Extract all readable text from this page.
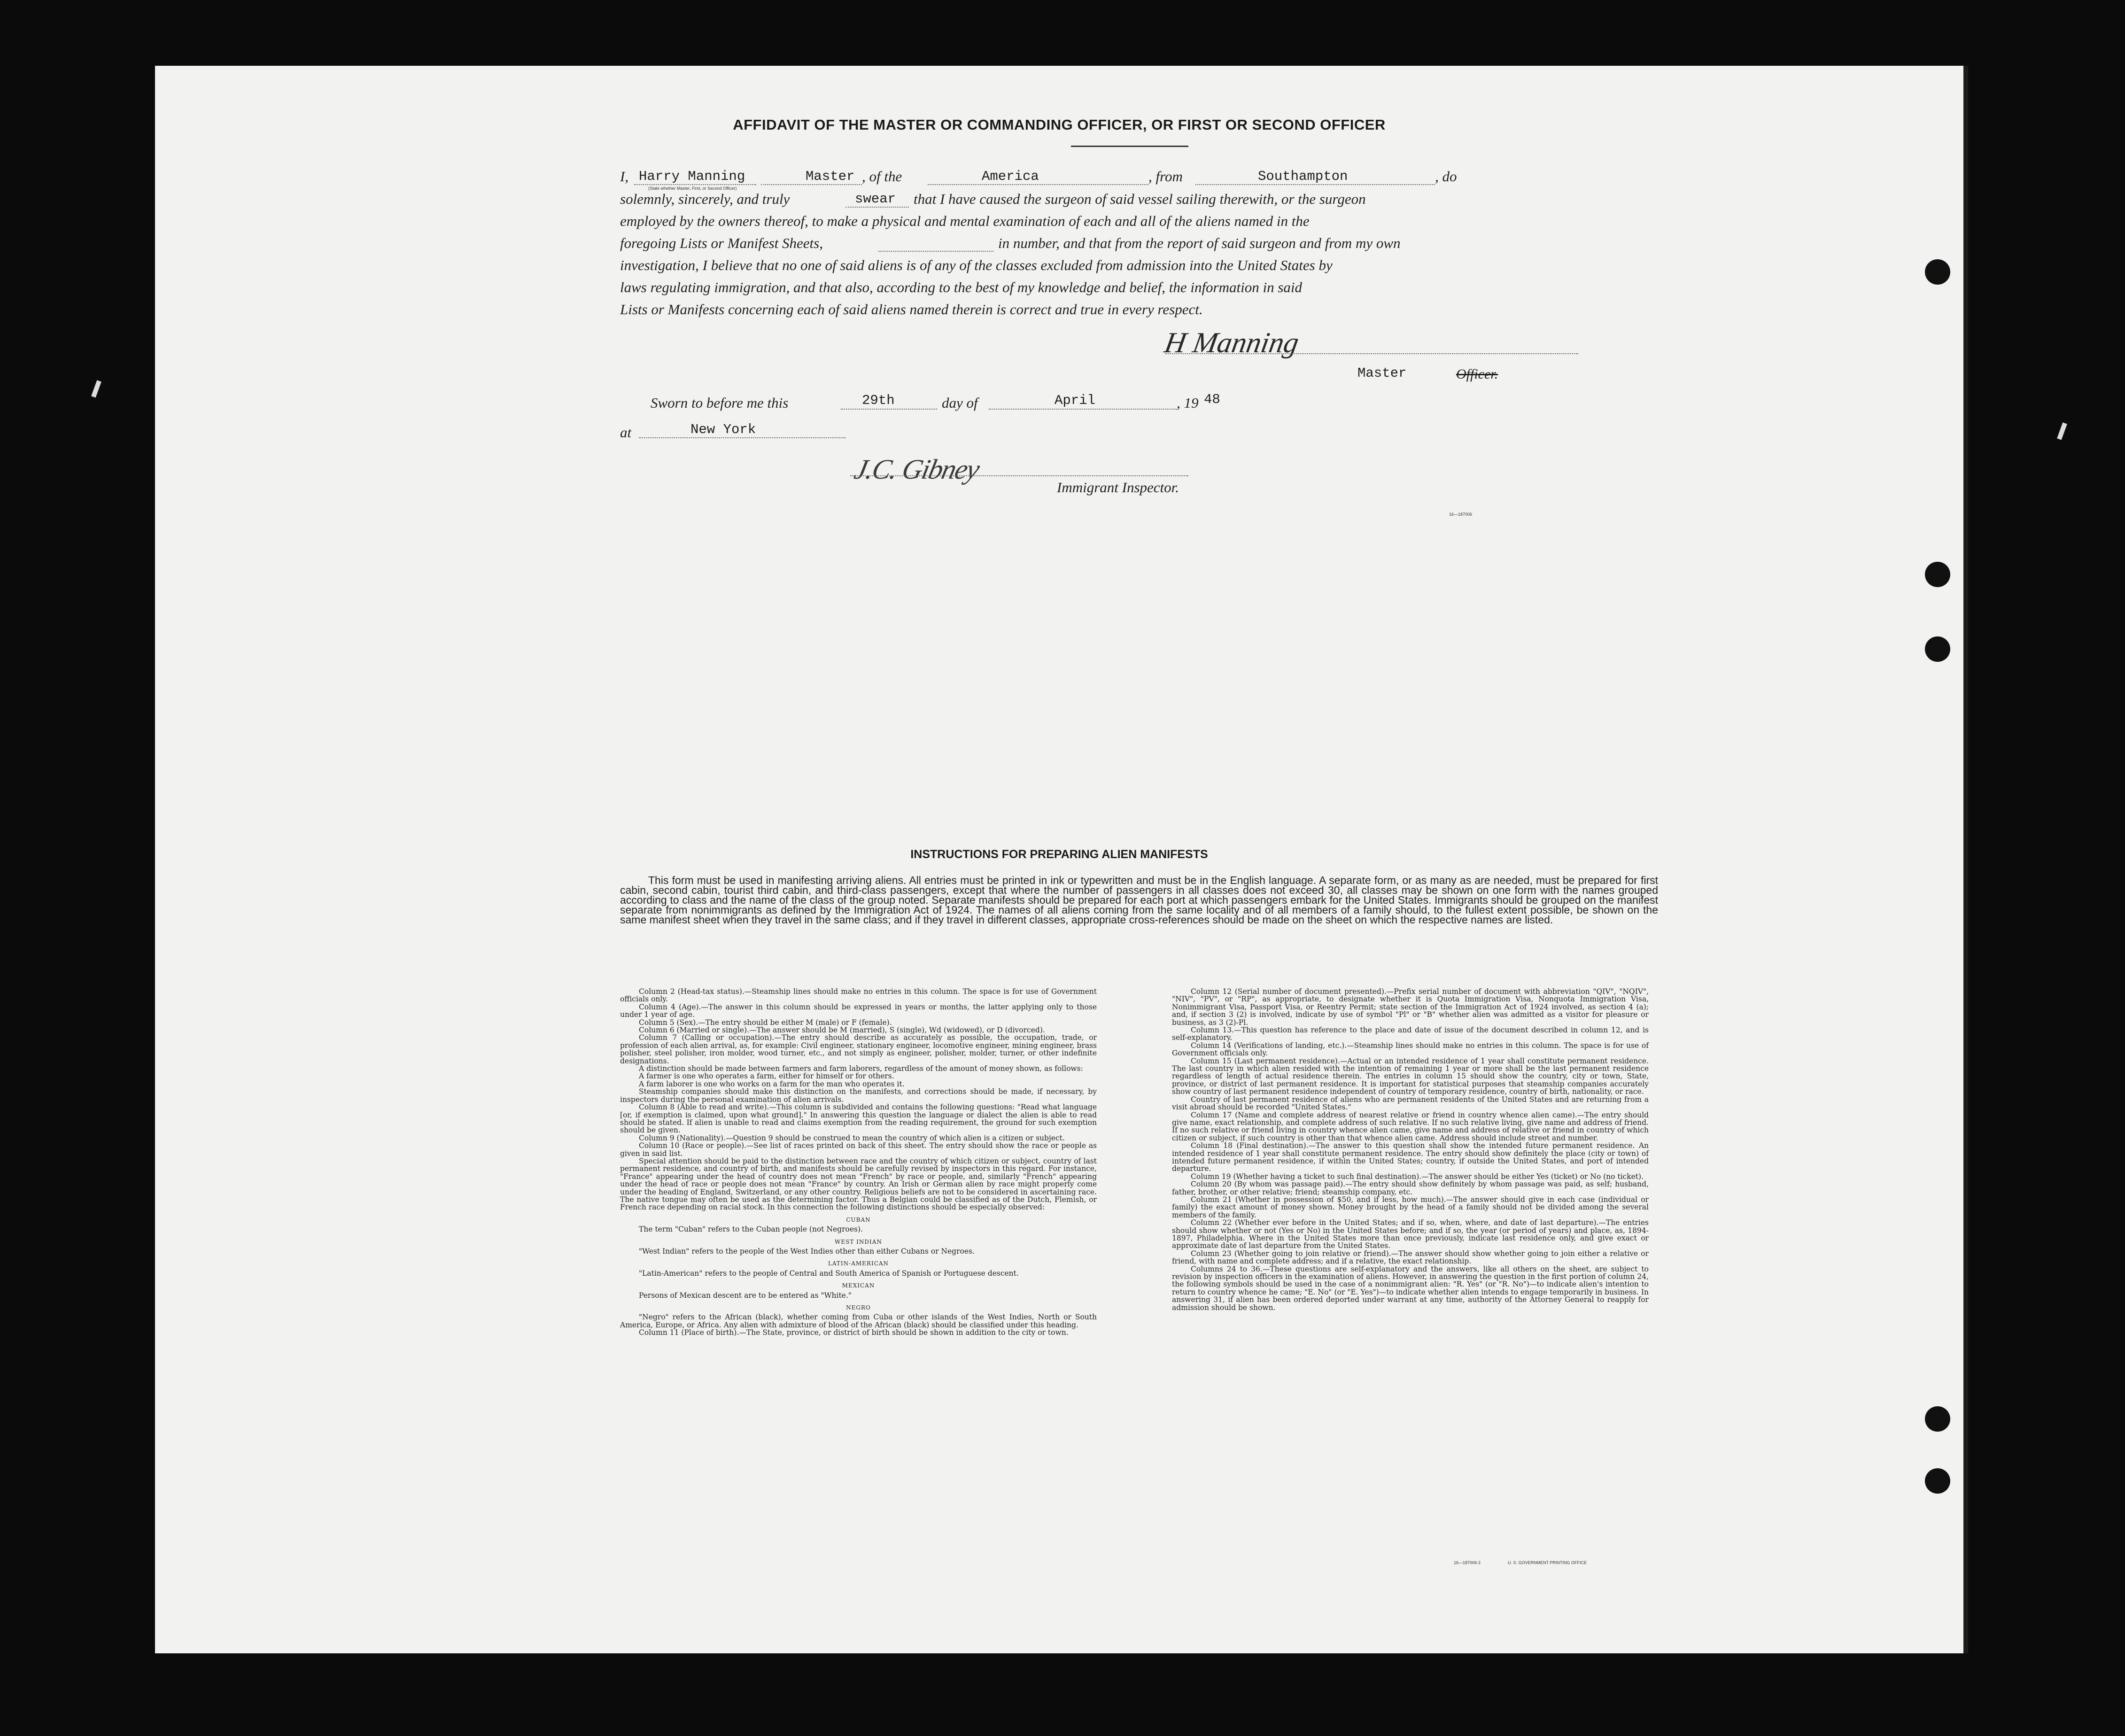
AFFIDAVIT OF THE MASTER OR COMMANDING OFFICER, OR FIRST OR SECOND OFFICER
I, Harry Manning	Master , of the	America	, from	Southampton	, do
(State whether Master, First, or Second Officer)
solemnly, sincerely, and truly	swear that I have caused the surgeon of said vessel sailing therewith, or the surgeon
employed by the owners thereof, to make a physical and mental examination of each and all of the aliens named in the
foregoing Lists or Manifest Sheets,	in number, and that from the report of said surgeon and from my own
investigation, I believe that no one of said aliens is of any of the classes excluded from admission into the United States by
laws regulating immigration, and that also, according to the best of my knowledge and belief, the information in said
Lists or Manifests concerning each of said aliens named therein is correct and true in every respect.
H Manning
Master	Officer.
Sworn to before me this	29th	day of	April	, 19 48
at	New York
J.C. Gibney
Immigrant Inspector.
16—187006
INSTRUCTIONS FOR PREPARING ALIEN MANIFESTS
This form must be used in manifesting arriving aliens. All entries must be printed in ink or typewritten and must be in the English language. A separate form, or as many as are needed, must be prepared for first cabin, second cabin, tourist third cabin, and third-class passengers, except that where the number of passengers in all classes does not exceed 30, all classes may be shown on one form with the names grouped according to class and the name of the class of the group noted. Separate manifests should be prepared for each port at which passengers embark for the United States. Immigrants should be grouped on the manifest separate from nonimmigrants as defined by the Immigration Act of 1924. The names of all aliens coming from the same locality and of all members of a family should, to the fullest extent possible, be shown on the same manifest sheet when they travel in the same class; and if they travel in different classes, appropriate cross-references should be made on the sheet on which the respective names are listed.

Column 2 (Head-tax status).—Steamship lines should make no entries in this column. The space is for use of Government officials only.

Column 4 (Age).—The answer in this column should be expressed in years or months, the latter applying only to those under 1 year of age.

Column 5 (Sex).—The entry should be either M (male) or F (female).

Column 6 (Married or single).—The answer should be M (married), S (single), Wd (widowed), or D (divorced).

Column 7 (Calling or occupation).—The entry should describe as accurately as possible, the occupation, trade, or profession of each alien arrival, as, for example: Civil engineer, stationary engineer, locomotive engineer, mining engineer, brass polisher, steel polisher, iron molder, wood turner, etc., and not simply as engineer, polisher, molder, turner, or other indefinite designations.

A distinction should be made between farmers and farm laborers, regardless of the amount of money shown, as follows:

A farmer is one who operates a farm, either for himself or for others.

A farm laborer is one who works on a farm for the man who operates it.

Steamship companies should make this distinction on the manifests, and corrections should be made, if necessary, by inspectors during the personal examination of alien arrivals.

Column 8 (Able to read and write).—This column is subdivided and contains the following questions: "Read what language [or, if exemption is claimed, upon what ground]." In answering this question the language or dialect the alien is able to read should be stated. If alien is unable to read and claims exemption from the reading requirement, the ground for such exemption should be given.

Column 9 (Nationality).—Question 9 should be construed to mean the country of which alien is a citizen or subject.

Column 10 (Race or people).—See list of races printed on back of this sheet. The entry should show the race or people as given in said list.

Special attention should be paid to the distinction between race and the country of which citizen or subject, country of last permanent residence, and country of birth, and manifests should be carefully revised by inspectors in this regard. For instance, "France" appearing under the head of country does not mean "French" by race or people, and, similarly "French" appearing under the head of race or people does not mean "France" by country. An Irish or German alien by race might properly come under the heading of England, Switzerland, or any other country. Religious beliefs are not to be considered in ascertaining race. The native tongue may often be used as the determining factor. Thus a Belgian could be classified as of the Dutch, Flemish, or French race depending on racial stock. In this connection the following distinctions should be especially observed:

CUBAN

The term "Cuban" refers to the Cuban people (not Negroes).

WEST INDIAN

"West Indian" refers to the people of the West Indies other than either Cubans or Negroes.

LATIN-AMERICAN

"Latin-American" refers to the people of Central and South America of Spanish or Portuguese descent.

MEXICAN

Persons of Mexican descent are to be entered as "White."

NEGRO

"Negro" refers to the African (black), whether coming from Cuba or other islands of the West Indies, North or South America, Europe, or Africa. Any alien with admixture of blood of the African (black) should be classified under this heading.

Column 11 (Place of birth).—The State, province, or district of birth should be shown in addition to the city or town.

Column 12 (Serial number of document presented).—Prefix serial number of document with abbreviation "QIV", "NQIV", "NIV", "PV", or "RP", as appropriate, to designate whether it is Quota Immigration Visa, Nonquota Immigration Visa, Nonimmigrant Visa, Passport Visa, or Reentry Permit; state section of the Immigration Act of 1924 involved, as section 4 (a); and, if section 3 (2) is involved, indicate by use of symbol "Pl" or "B" whether alien was admitted as a visitor for pleasure or business, as 3 (2)-Pl.

Column 13.—This question has reference to the place and date of issue of the document described in column 12, and is self-explanatory.

Column 14 (Verifications of landing, etc.).—Steamship lines should make no entries in this column. The space is for use of Government officials only.

Column 15 (Last permanent residence).—Actual or an intended residence of 1 year shall constitute permanent residence. The last country in which alien resided with the intention of remaining 1 year or more shall be the last permanent residence regardless of length of actual residence therein. The entries in column 15 should show the country, city or town, State, province, or district of last permanent residence. It is important for statistical purposes that steamship companies accurately show country of last permanent residence independent of country of temporary residence, country of birth, nationality, or race.

Country of last permanent residence of aliens who are permanent residents of the United States and are returning from a visit abroad should be recorded "United States."

Column 17 (Name and complete address of nearest relative or friend in country whence alien came).—The entry should give name, exact relationship, and complete address of such relative. If no such relative living, give name and address of friend. If no such relative or friend living in country whence alien came, give name and address of relative or friend in country of which citizen or subject, if such country is other than that whence alien came. Address should include street and number.

Column 18 (Final destination).—The answer to this question shall show the intended future permanent residence. An intended residence of 1 year shall constitute permanent residence. The entry should show definitely the place (city or town) of intended future permanent residence, if within the United States; country, if outside the United States, and port of intended departure.

Column 19 (Whether having a ticket to such final destination).—The answer should be either Yes (ticket) or No (no ticket).

Column 20 (By whom was passage paid).—The entry should show definitely by whom passage was paid, as self; husband, father, brother, or other relative; friend; steamship company, etc.

Column 21 (Whether in possession of $50, and if less, how much).—The answer should give in each case (individual or family) the exact amount of money shown. Money brought by the head of a family should not be divided among the several members of the family.

Column 22 (Whether ever before in the United States; and if so, when, where, and date of last departure).—The entries should show whether or not (Yes or No) in the United States before; and if so, the year (or period of years) and place, as, 1894-1897, Philadelphia. Where in the United States more than once previously, indicate last residence only, and give exact or approximate date of last departure from the United States.

Column 23 (Whether going to join relative or friend).—The answer should show whether going to join either a relative or friend, with name and complete address; and if a relative, the exact relationship.

Columns 24 to 36.—These questions are self-explanatory and the answers, like all others on the sheet, are subject to revision by inspection officers in the examination of aliens. However, in answering the question in the first portion of column 24, the following symbols should be used in the case of a nonimmigrant alien: "R. Yes" (or "R. No")—to indicate alien's intention to return to country whence he came; "E. No" (or "E. Yes")—to indicate whether alien intends to engage temporarily in business. In answering 31, if alien has been ordered deported under warrant at any time, authority of the Attorney General to reapply for admission should be shown.

16—187006-2	U. S. GOVERNMENT PRINTING OFFICE
